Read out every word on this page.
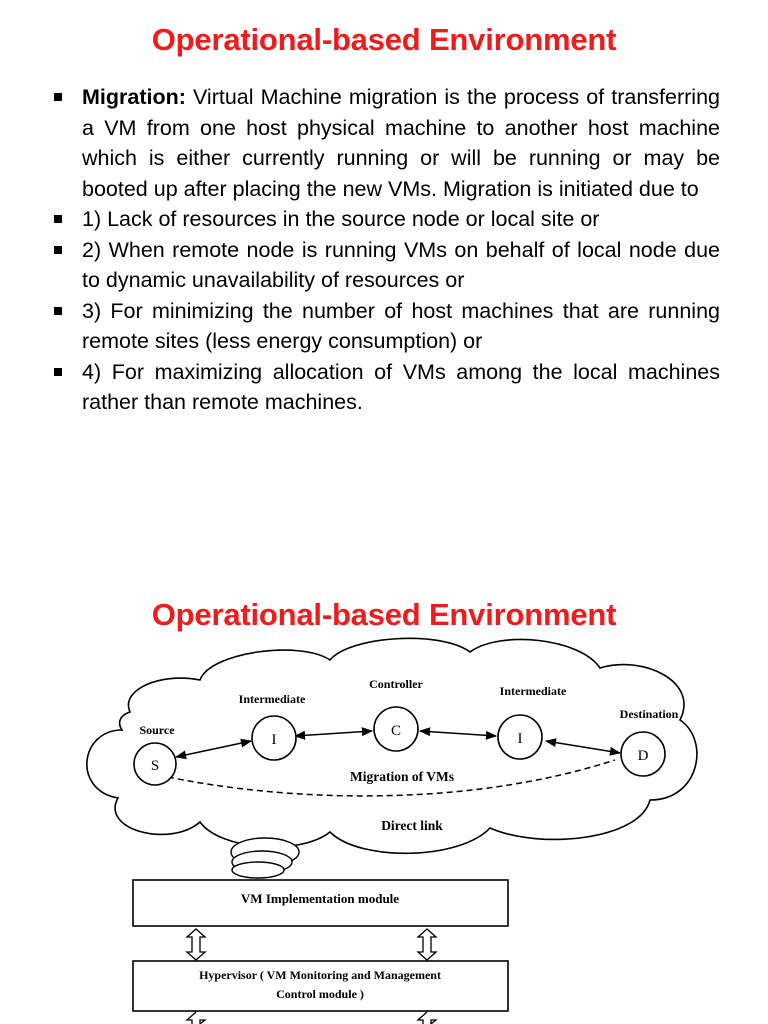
Operational-based Environment
Migration: Virtual Machine migration is the process of transferring a VM from one host physical machine to another host machine which is either currently running or will be running or may be booted up after placing the new VMs. Migration is initiated due to
1) Lack of resources in the source node or local site or
2) When remote node is running VMs on behalf of local node due to dynamic unavailability of resources or
3) For minimizing the number of host machines that are running remote sites (less energy consumption) or
4) For maximizing allocation of VMs among the local machines rather than remote machines.
Operational-based Environment
Source
Intermediate
Controller	Intermediate
Destination
S
I
C	I
D
Migration of VMs
Direct link
VM Implementation module
Hypervisor ( VM Monitoring and Management
Control module )
